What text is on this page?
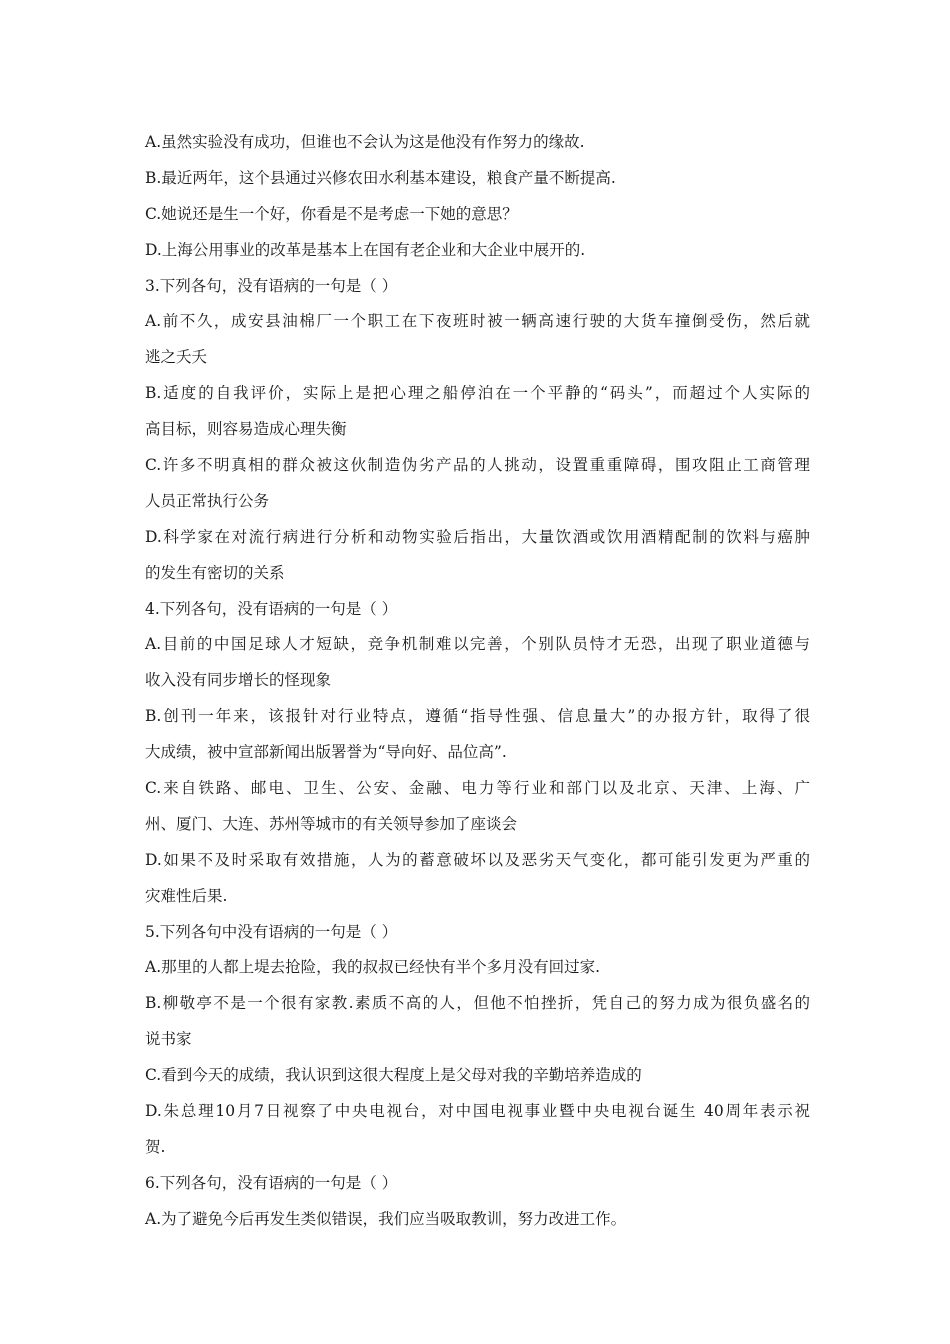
A.虽然实验没有成功，但谁也不会认为这是他没有作努力的缘故.
B.最近两年，这个县通过兴修农田水利基本建设，粮食产量不断提高.
C.她说还是生一个好，你看是不是考虑一下她的意思？
D.上海公用事业的改革是基本上在国有老企业和大企业中展开的.
3.下列各句，没有语病的一句是（ ）
A.前不久，成安县油棉厂一个职工在下夜班时被一辆高速行驶的大货车撞倒受伤，然后就
逃之夭夭
B.适度的自我评价，实际上是把心理之船停泊在一个平静的“码头”，而超过个人实际的
高目标，则容易造成心理失衡
C.许多不明真相的群众被这伙制造伪劣产品的人挑动，设置重重障碍，围攻阻止工商管理
人员正常执行公务
D.科学家在对流行病进行分析和动物实验后指出，大量饮酒或饮用酒精配制的饮料与癌肿
的发生有密切的关系
4.下列各句，没有语病的一句是（ ）
A.目前的中国足球人才短缺，竞争机制难以完善，个别队员恃才无恐，出现了职业道德与
收入没有同步增长的怪现象
B.创刊一年来，该报针对行业特点，遵循“指导性强、信息量大”的办报方针，取得了很
大成绩，被中宣部新闻出版署誉为“导向好、品位高”.
C.来自铁路、邮电、卫生、公安、金融、电力等行业和部门以及北京、天津、上海、广
州、厦门、大连、苏州等城市的有关领导参加了座谈会
D.如果不及时采取有效措施，人为的蓄意破坏以及恶劣天气变化，都可能引发更为严重的
灾难性后果.
5.下列各句中没有语病的一句是（ ）
A.那里的人都上堤去抢险，我的叔叔已经快有半个多月没有回过家.
B.柳敬亭不是一个很有家教.素质不高的人，但他不怕挫折，凭自己的努力成为很负盛名的
说书家
C.看到今天的成绩，我认识到这很大程度上是父母对我的辛勤培养造成的
D.朱总理10月7日视察了中央电视台，对中国电视事业暨中央电视台诞生 40周年表示祝
贺.
6.下列各句，没有语病的一句是（ ）
A.为了避免今后再发生类似错误，我们应当吸取教训，努力改进工作。
